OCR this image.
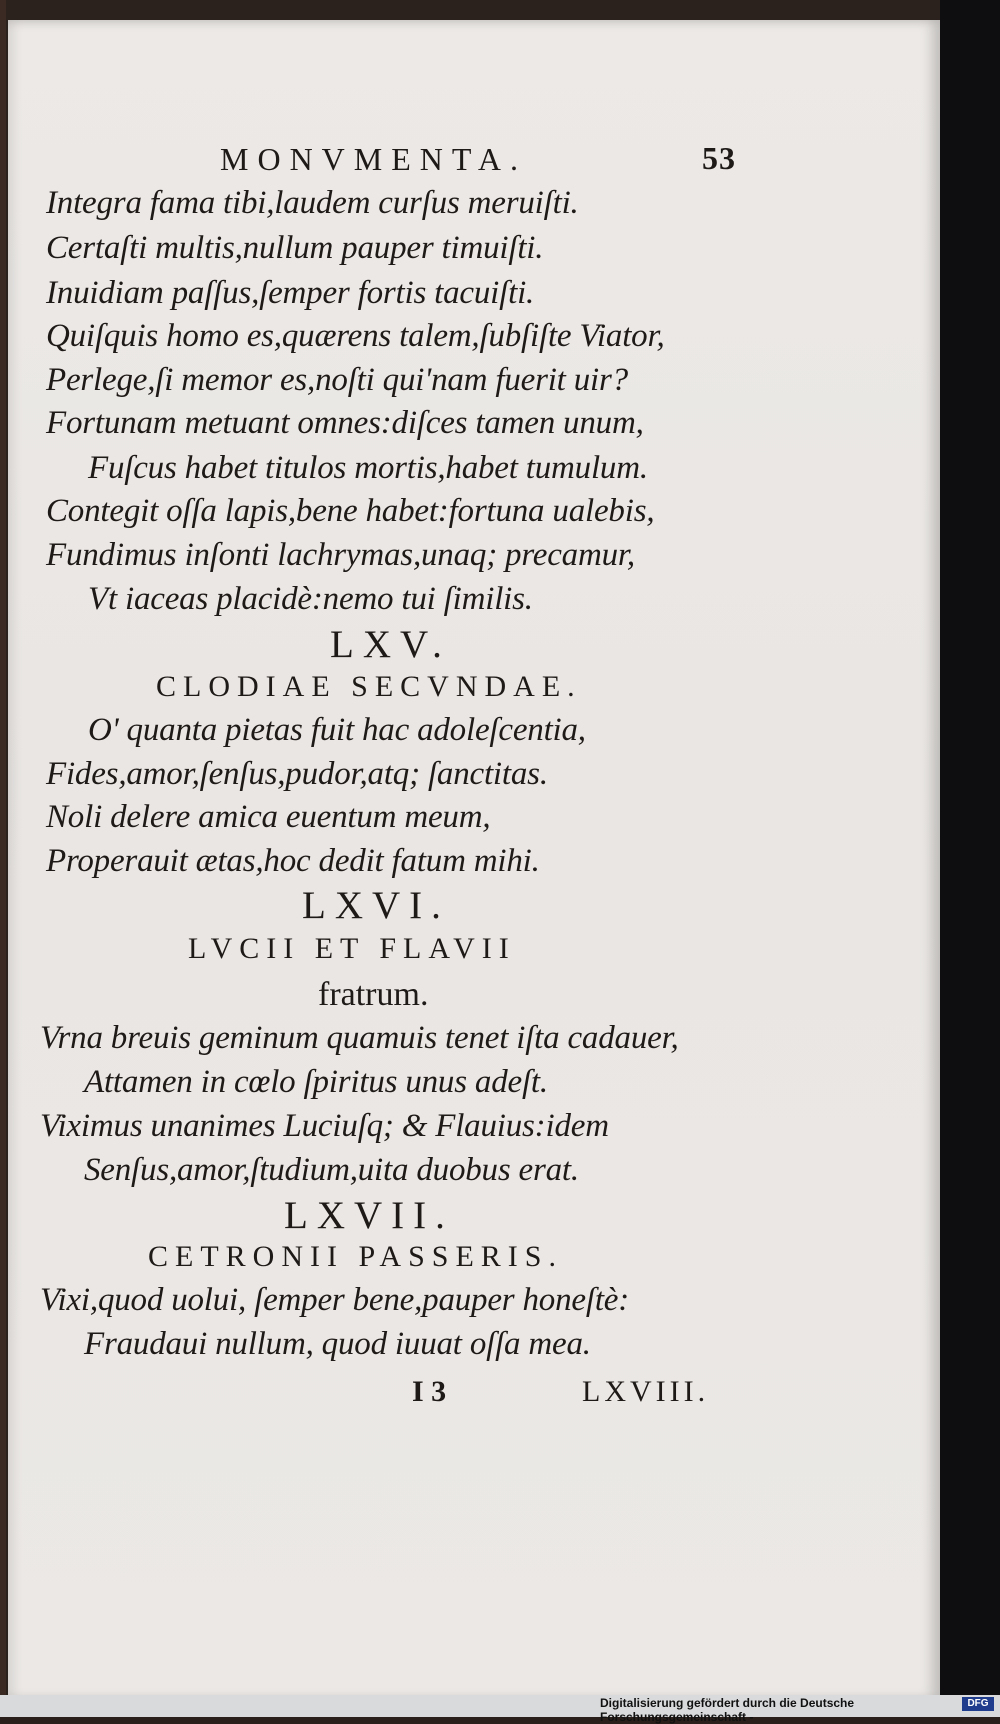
MONVMENTA.	53
Integra fama tibi,laudem curſus meruiſti.
Certaſti multis,nullum pauper timuiſti.
Inuidiam paſſus,ſemper fortis tacuiſti.
Quiſquis homo es,quærens talem,ſubſiſte Viator,
Perlege,ſi memor es,noſti qui'nam fuerit uir?
Fortunam metuant omnes:diſces tamen unum,
Fuſcus habet titulos mortis,habet tumulum.
Contegit oſſa lapis,bene habet:fortuna ualebis,
Fundimus inſonti lachrymas,unaq; precamur,
Vt iaceas placidè:nemo tui ſimilis.
LXV.
CLODIAE SECVNDAE.
O' quanta pietas fuit hac adoleſcentia,
Fides,amor,ſenſus,pudor,atq; ſanctitas.
Noli delere amica euentum meum,
Properauit ætas,hoc dedit fatum mihi.
LXVI.
LVCII ET FLAVII
fratrum.
Vrna breuis geminum quamuis tenet iſta cadauer,
Attamen in cœlo ſpiritus unus adeſt.
Viximus unanimes Luciuſq; & Flauius:idem
Senſus,amor,ſtudium,uita duobus erat.
LXVII.
CETRONII PASSERIS.
Vixi,quod uolui, ſemper bene,pauper honeſtè:
Fraudaui nullum, quod iuuat oſſa mea.
I 3	LXVIII.
Digitalisierung gefördert durch die Deutsche Forschungsgemeinschaft -
DFG
